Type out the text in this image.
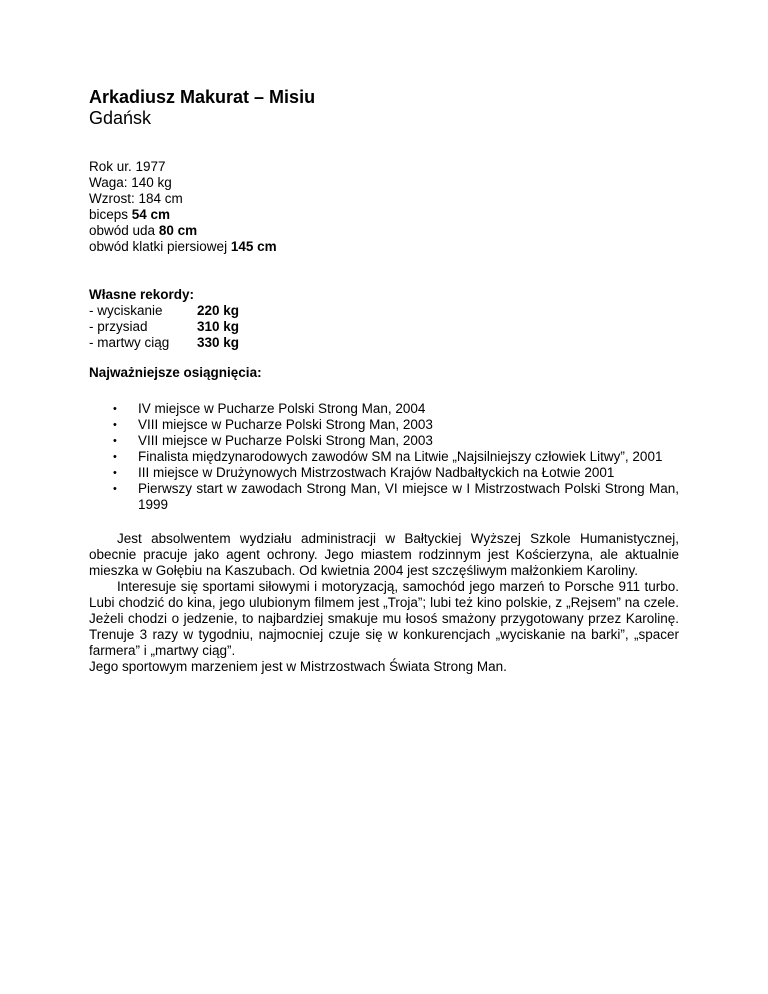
Arkadiusz Makurat – Misiu
Gdańsk
Rok ur. 1977
Waga: 140 kg
Wzrost: 184 cm
biceps 54 cm
obwód uda 80 cm
obwód klatki piersiowej 145 cm
Własne rekordy:
- wyciskanie	220 kg
- przysiad	310 kg
- martwy ciąg	330 kg
Najważniejsze osiągnięcia:
• IV miejsce w Pucharze Polski Strong Man, 2004
• VIII miejsce w Pucharze Polski Strong Man, 2003
• VIII miejsce w Pucharze Polski Strong Man, 2003
• Finalista międzynarodowych zawodów SM na Litwie „Najsilniejszy człowiek Litwy”, 2001
• III miejsce w Drużynowych Mistrzostwach Krajów Nadbałtyckich na Łotwie 2001
• Pierwszy start w zawodach Strong Man, VI miejsce w I Mistrzostwach Polski Strong Man, 1999

Jest absolwentem wydziału administracji w Bałtyckiej Wyższej Szkole Humanistycznej, obecnie pracuje jako agent ochrony. Jego miastem rodzinnym jest Kościerzyna, ale aktualnie mieszka w Gołębiu na Kaszubach. Od kwietnia 2004 jest szczęśliwym małżonkiem Karoliny.

Interesuje się sportami siłowymi i motoryzacją, samochód jego marzeń to Porsche 911 turbo. Lubi chodzić do kina, jego ulubionym filmem jest „Troja”; lubi też kino polskie, z „Rejsem” na czele. Jeżeli chodzi o jedzenie, to najbardziej smakuje mu łosoś smażony przygotowany przez Karolinę. Trenuje 3 razy w tygodniu, najmocniej czuje się w konkurencjach „wyciskanie na barki”, „spacer farmera” i „martwy ciąg”.

Jego sportowym marzeniem jest w Mistrzostwach Świata Strong Man.
